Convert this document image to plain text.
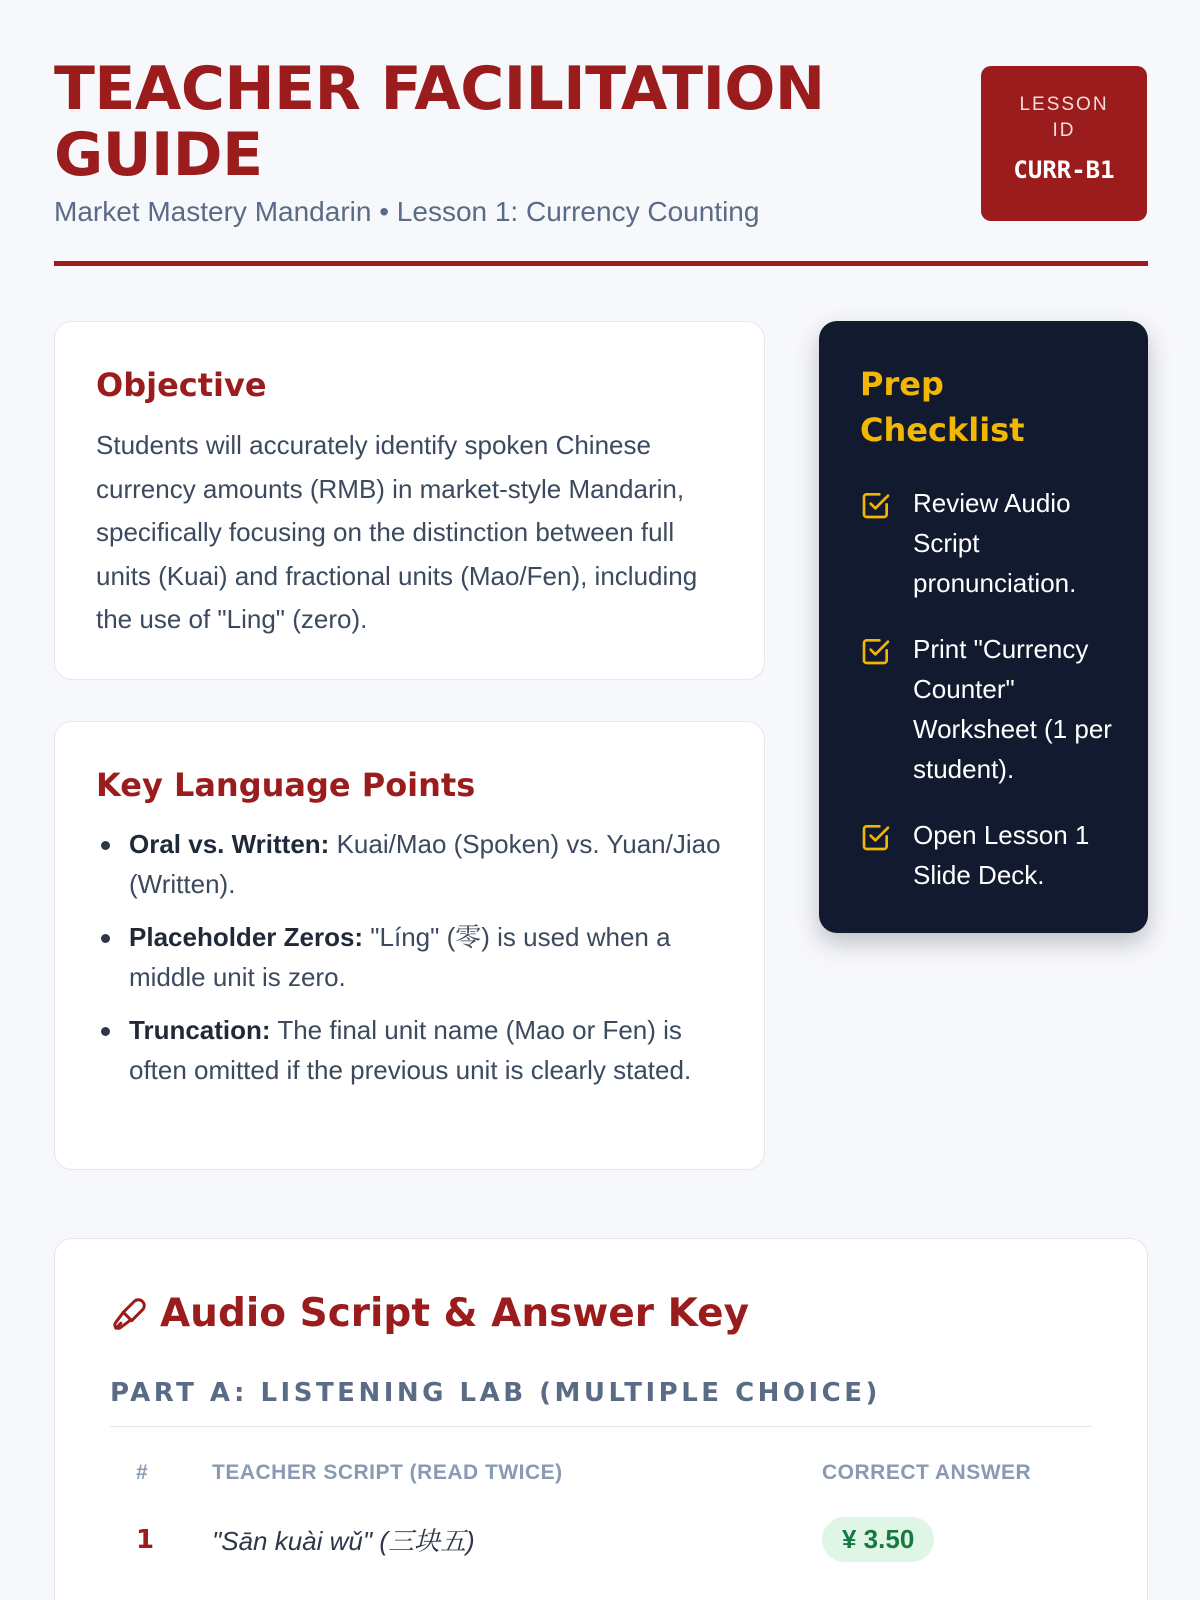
TEACHER FACILITATION GUIDE
Market Mastery Mandarin • Lesson 1: Currency Counting
LESSON ID
CURR-B1
Objective

Students will accurately identify spoken Chinese currency amounts (RMB) in market-style Mandarin, specifically focusing on the distinction between full units (Kuai) and fractional units (Mao/Fen), including the use of "Ling" (zero).

Key Language Points
Oral vs. Written: Kuai/Mao (Spoken) vs. Yuan/Jiao (Written).
Placeholder Zeros: "Líng" (零) is used when a middle unit is zero.
Truncation: The final unit name (Mao or Fen) is often omitted if the previous unit is clearly stated.
Prep Checklist
Review Audio Script pronunciation.
Print "Currency Counter" Worksheet (1 per student).
Open Lesson 1 Slide Deck.
Audio Script & Answer Key
PART A: LISTENING LAB (MULTIPLE CHOICE)
#	TEACHER SCRIPT (READ TWICE)	CORRECT ANSWER
1	"Sān kuài wǔ" (三块五)	¥ 3.50
